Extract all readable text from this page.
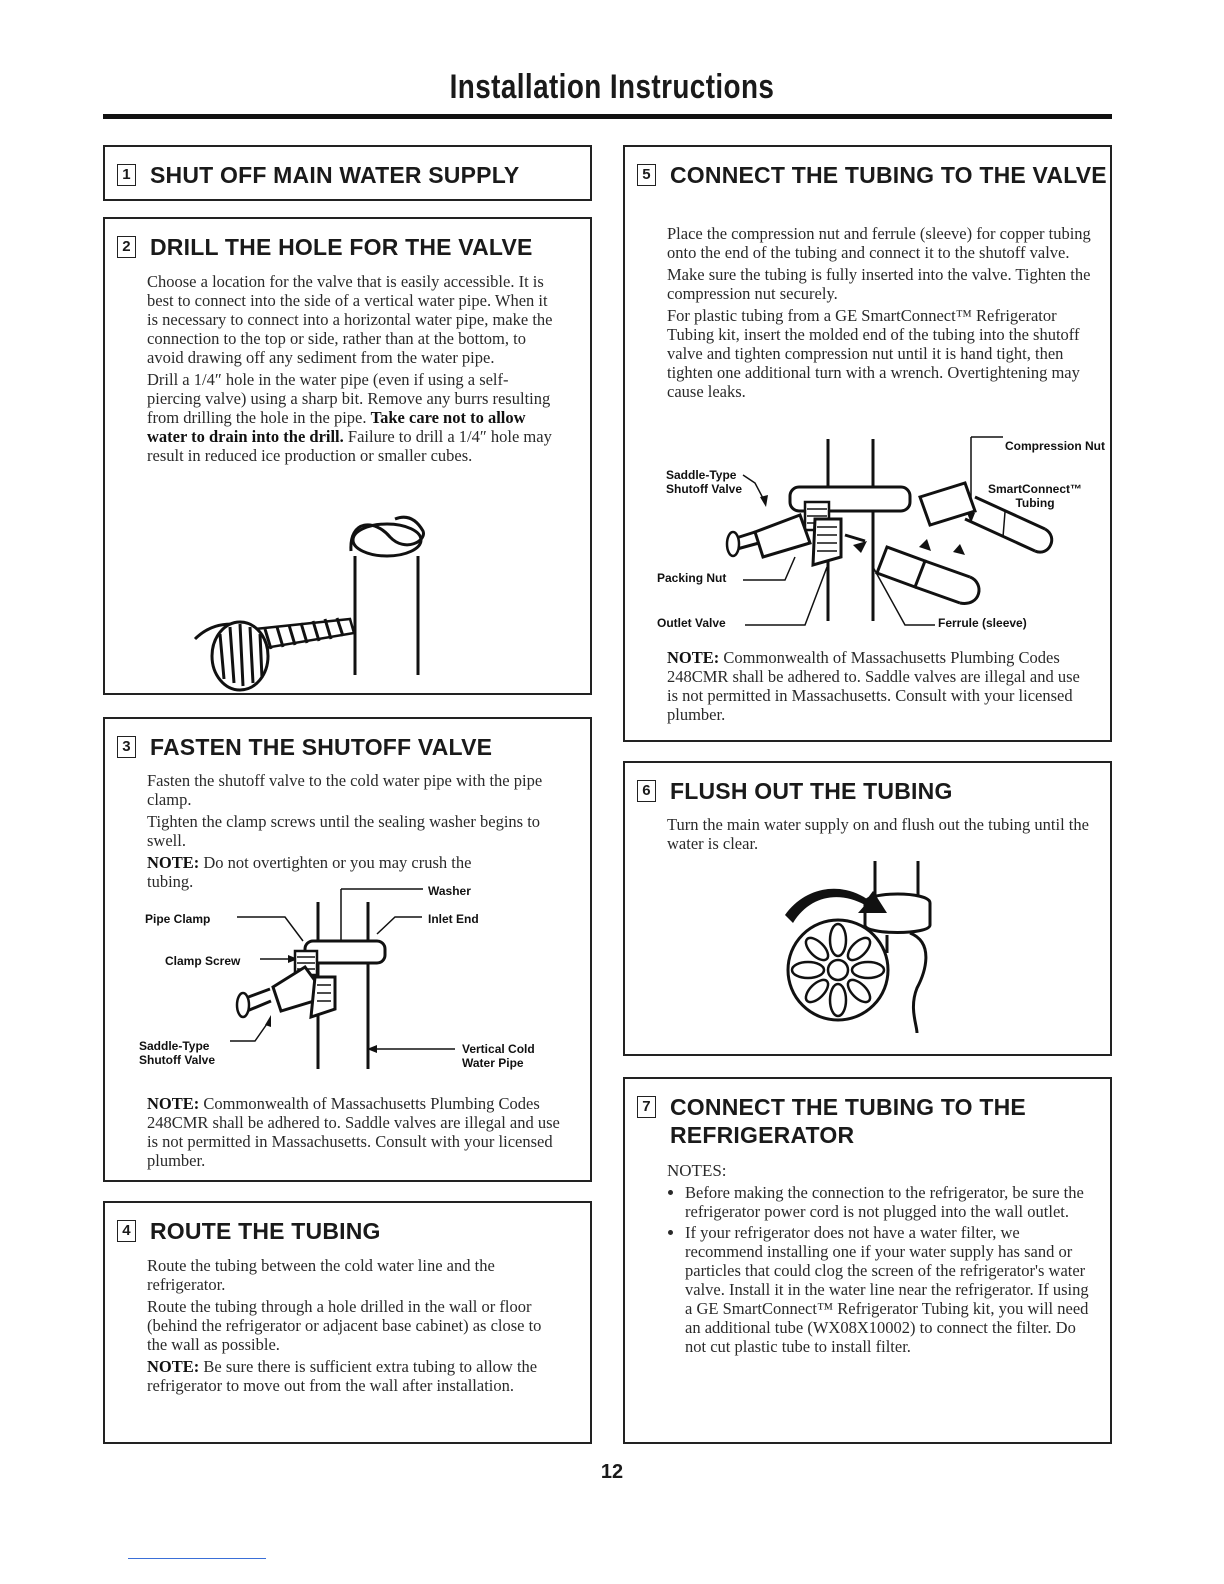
Installation Instructions
1 SHUT OFF MAIN WATER SUPPLY
2 DRILL THE HOLE FOR THE VALVE

Choose a location for the valve that is easily accessible. It is best to connect into the side of a vertical water pipe. When it is necessary to connect into a horizontal water pipe, make the connection to the top or side, rather than at the bottom, to avoid drawing off any sediment from the water pipe.

Drill a 1/4″ hole in the water pipe (even if using a self-piercing valve) using a sharp bit. Remove any burrs resulting from drilling the hole in the pipe. Take care not to allow water to drain into the drill. Failure to drill a 1/4″ hole may result in reduced ice production or smaller cubes.

3 FASTEN THE SHUTOFF VALVE

Fasten the shutoff valve to the cold water pipe with the pipe clamp.

Tighten the clamp screws until the sealing washer begins to swell.

NOTE: Do not overtighten or you may crush the tubing.	Washer
Pipe Clamp	Inlet End
Clamp Screw
Saddle-Type
Shutoff Valve
Vertical Cold
Water Pipe

NOTE: Commonwealth of Massachusetts Plumbing Codes 248CMR shall be adhered to. Saddle valves are illegal and use is not permitted in Massachusetts. Consult with your licensed plumber.

4 ROUTE THE TUBING

Route the tubing between the cold water line and the refrigerator.

Route the tubing through a hole drilled in the wall or floor (behind the refrigerator or adjacent base cabinet) as close to the wall as possible.

NOTE: Be sure there is sufficient extra tubing to allow the refrigerator to move out from the wall after installation.

5 CONNECT THE TUBING TO THE VALVE

Place the compression nut and ferrule (sleeve) for copper tubing onto the end of the tubing and connect it to the shutoff valve.

Make sure the tubing is fully inserted into the valve. Tighten the compression nut securely.

For plastic tubing from a GE SmartConnect™ Refrigerator Tubing kit, insert the molded end of the tubing into the shutoff valve and tighten compression nut until it is hand tight, then tighten one additional turn with a wrench. Overtightening may cause leaks.

Compression Nut
Saddle-Type
Shutoff Valve	SmartConnect™
Tubing
Packing Nut
Outlet Valve	Ferrule (sleeve)

NOTE: Commonwealth of Massachusetts Plumbing Codes 248CMR shall be adhered to. Saddle valves are illegal and use is not permitted in Massachusetts. Consult with your licensed plumber.

6 FLUSH OUT THE TUBING

Turn the main water supply on and flush out the tubing until the water is clear.

7 CONNECT THE TUBING TO THE
REFRIGERATOR

NOTES:

• Before making the connection to the refrigerator, be sure the refrigerator power cord is not plugged into the wall outlet.
• If your refrigerator does not have a water filter, we recommend installing one if your water supply has sand or particles that could clog the screen of the refrigerator's water valve. Install it in the water line near the refrigerator. If using a GE SmartConnect™ Refrigerator Tubing kit, you will need an additional tube (WX08X10002) to connect the filter. Do not cut plastic tube to install filter.
12
